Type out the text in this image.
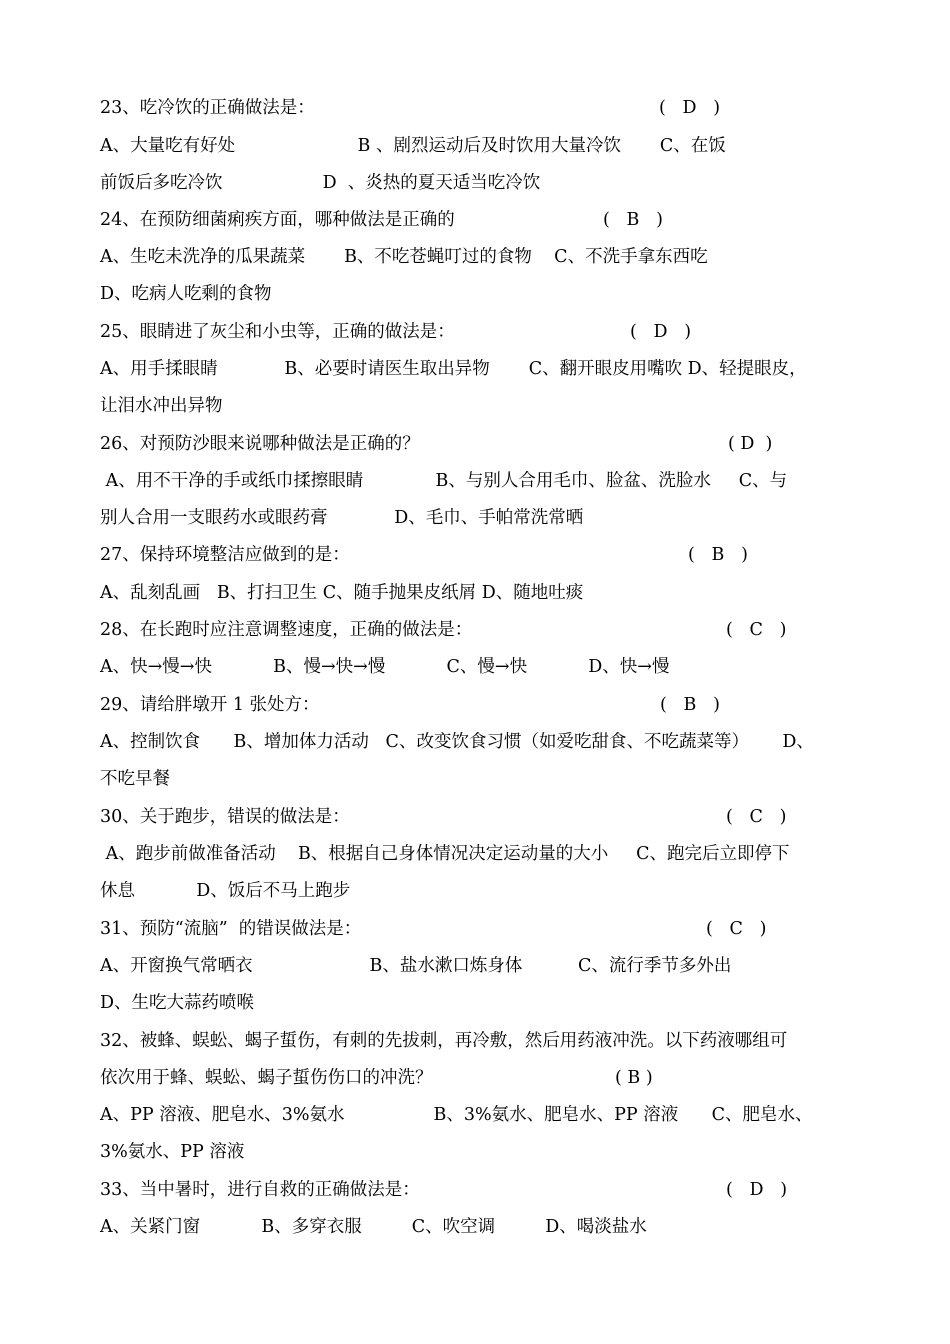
23、吃冷饮的正确做法是：
A、大量吃有好处                      B 、剧烈运动后及时饮用大量冷饮       C、在饭
前饭后多吃冷饮                  D  、炎热的夏天适当吃冷饮
24、在预防细菌痢疾方面，哪种做法是正确的
A、生吃未洗净的瓜果蔬菜       B、不吃苍蝇叮过的食物    C、不洗手拿东西吃
D、吃病人吃剩的食物
25、眼睛进了灰尘和小虫等，正确的做法是：
A、用手揉眼睛            B、必要时请医生取出异物       C、翻开眼皮用嘴吹 D、轻提眼皮，
让泪水冲出异物
26、对预防沙眼来说哪种做法是正确的？
A、用不干净的手或纸巾揉擦眼睛             B、与别人合用毛巾、脸盆、洗脸水     C、与
别人合用一支眼药水或眼药膏            D、毛巾、手帕常洗常晒
27、保持环境整洁应做到的是：
A、乱刻乱画   B、打扫卫生 C、随手抛果皮纸屑 D、随地吐痰
28、在长跑时应注意调整速度，正确的做法是：
A、快→慢→快           B、慢→快→慢           C、慢→快           D、快→慢
29、请给胖墩开 1 张处方：
A、控制饮食      B、增加体力活动   C、改变饮食习惯（如爱吃甜食、不吃蔬菜等）      D、
不吃早餐
30、关于跑步，错误的做法是：
A、跑步前做准备活动    B、根据自己身体情况决定运动量的大小     C、跑完后立即停下
休息           D、饭后不马上跑步
31、预防“流脑”  的错误做法是：
A、开窗换气常晒衣                     B、盐水漱口炼身体          C、流行季节多外出
D、生吃大蒜药喷喉
32、被蜂、蜈蚣、蝎子蜇伤，有刺的先拔刺，再冷敷，然后用药液冲洗。以下药液哪组可
依次用于蜂、蜈蚣、蝎子蜇伤伤口的冲洗？
A、PP 溶液、肥皂水、3%氨水                B、3%氨水、肥皂水、PP 溶液      C、肥皂水、
3%氨水、PP 溶液
33、当中暑时，进行自救的正确做法是：
A、关紧门窗           B、多穿衣服         C、吹空调         D、喝淡盐水
(   D   )
(   B   )
(   D   )
( D  )
(   B   )
(   C   )
(   B   )
(   C   )
(   C   )
( B )
(   D   )
